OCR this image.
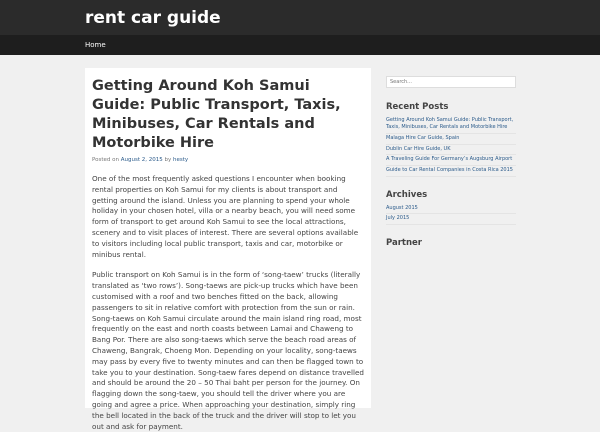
rent car guide
Home
Getting Around Koh Samui Guide: Public Transport, Taxis, Minibuses, Car Rentals and Motorbike Hire
Posted on August 2, 2015 by hesty

One of the most frequently asked questions I encounter when booking rental properties on Koh Samui for my clients is about transport and getting around the island. Unless you are planning to spend your whole holiday in your chosen hotel, villa or a nearby beach, you will need some form of transport to get around Koh Samui to see the local attractions, scenery and to visit places of interest. There are several options available to visitors including local public transport, taxis and car, motorbike or minibus rental.

Public transport on Koh Samui is in the form of ‘song-taew’ trucks (literally translated as ‘two rows’). Song-taews are pick-up trucks which have been customised with a roof and two benches fitted on the back, allowing passengers to sit in relative comfort with protection from the sun or rain. Song-taews on Koh Samui circulate around the main island ring road, most frequently on the east and north coasts between Lamai and Chaweng to Bang Por. There are also song-taews which serve the beach road areas of Chaweng, Bangrak, Choeng Mon. Depending on your locality, song-taews may pass by every five to twenty minutes and can then be flagged town to take you to your destination. Song-taew fares depend on distance travelled and should be around the 20 – 50 Thai baht per person for the journey. On flagging down the song-taew, you should tell the driver where you are going and agree a price. When approaching your destination, simply ring the bell located in the back of the truck and the driver will stop to let you out and ask for payment.

Search...
Recent Posts
Getting Around Koh Samui Guide: Public Transport, Taxis, Minibuses, Car Rentals and Motorbike Hire
Malaga Hire Car Guide, Spain
Dublin Car Hire Guide, UK
A Traveling Guide For Germany’s Augsburg Airport
Guide to Car Rental Companies in Costa Rica 2015
Archives
August 2015
July 2015
Partner
